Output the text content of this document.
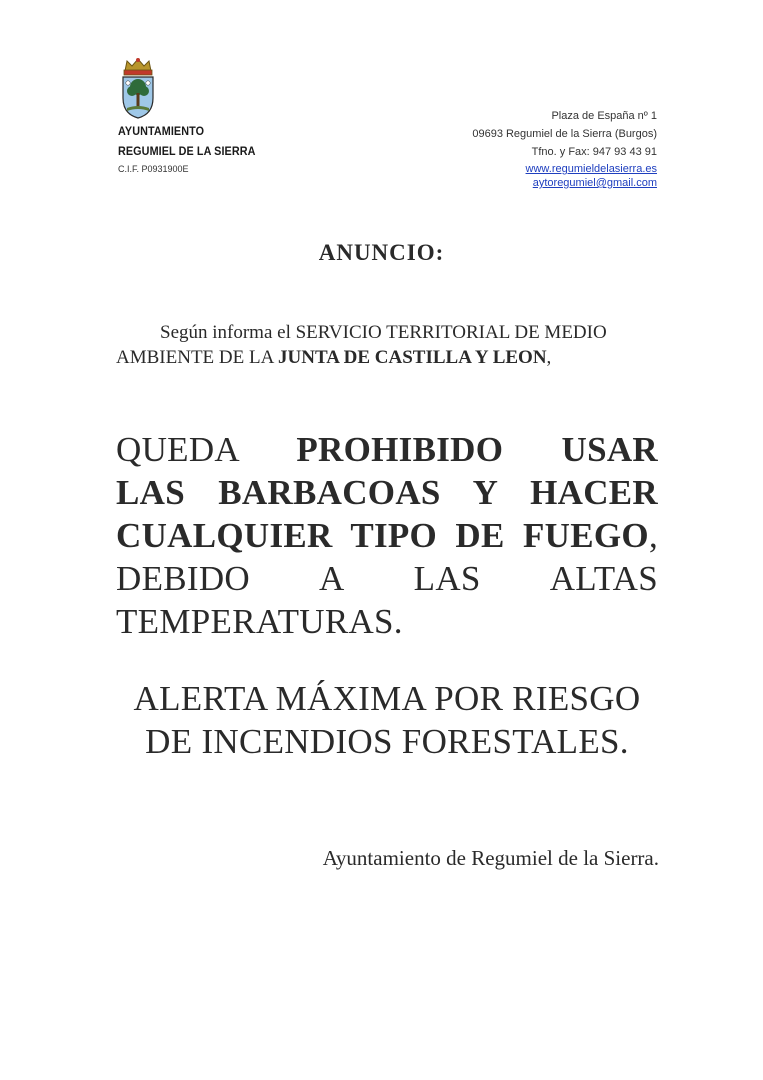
AYUNTAMIENTO
REGUMIEL DE LA SIERRA
C.I.F. P0931900E
Plaza de España nº 1
09693 Regumiel de la Sierra (Burgos)
Tfno. y Fax: 947 93 43 91
www.regumieldelasierra.es
aytoregumiel@gmail.com
ANUNCIO:
Según informa el SERVICIO TERRITORIAL DE MEDIO
AMBIENTE DE LA JUNTA DE CASTILLA Y LEON,
QUEDA PROHIBIDO USAR
LAS BARBACOAS Y HACER
CUALQUIER TIPO DE FUEGO,
DEBIDO A LAS ALTAS
TEMPERATURAS.
ALERTA MÁXIMA POR RIESGO
DE INCENDIOS FORESTALES.
Ayuntamiento de Regumiel de la Sierra.
